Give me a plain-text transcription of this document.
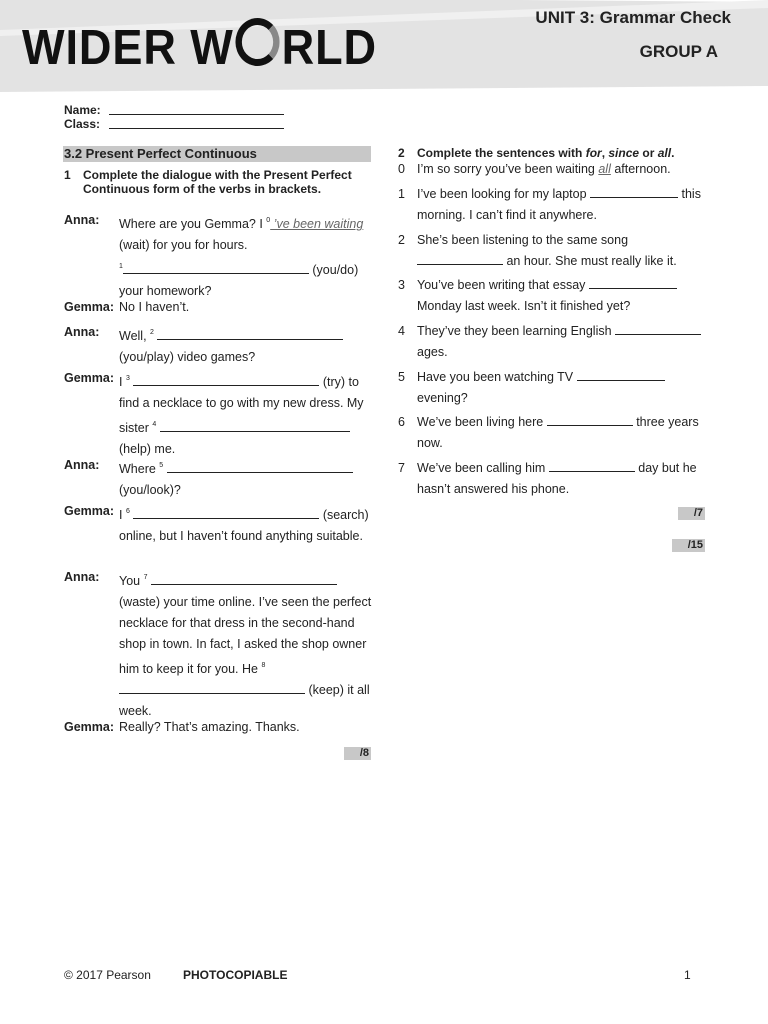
WIDER W RLD
UNIT 3: Grammar Check
GROUP A
Name:
Class:
3.2 Present Perfect Continuous
1	Complete the dialogue with the Present Perfect Continuous form of the verbs in brackets.
Anna:	Where are you Gemma? I $^0$ ’ve been waiting (wait) for you for hours.
$^1$	(you/do) your homework?
Gemma: No I haven’t.
Anna:	Well, $^2$  (you/play) video games?
Gemma: I $^3$	(try) to find a necklace to go with my new dress. My sister $^4$  (help) me.
Anna:	Where $^5$  (you/look)?
Gemma: I $^6$	(search) online, but I haven’t found anything suitable.
Anna:	You $^7$  (waste) your time online. I’ve seen the perfect necklace for that dress in the second-hand shop in town. In fact, I asked the shop owner him to keep it for you. He $^8$  (keep) it all week.
Gemma: Really? That’s amazing. Thanks.
/8
2	Complete the sentences with for, since or all.
0 I’m so sorry you’ve been waiting all afternoon.
1 I’ve been looking for my laptop	this morning. I can’t find it anywhere.
2 She’s been listening to the same song  an hour. She must really like it.
3 You’ve been writing that essay  Monday last week. Isn’t it finished yet?
4 They’ve they been learning English  ages.
5 Have you been watching TV  evening?
6 We’ve been living here	three years now.
7 We’ve been calling him	day but he hasn’t answered his phone.
/7
/15
© 2017 Pearson	PHOTOCOPIABLE	1
